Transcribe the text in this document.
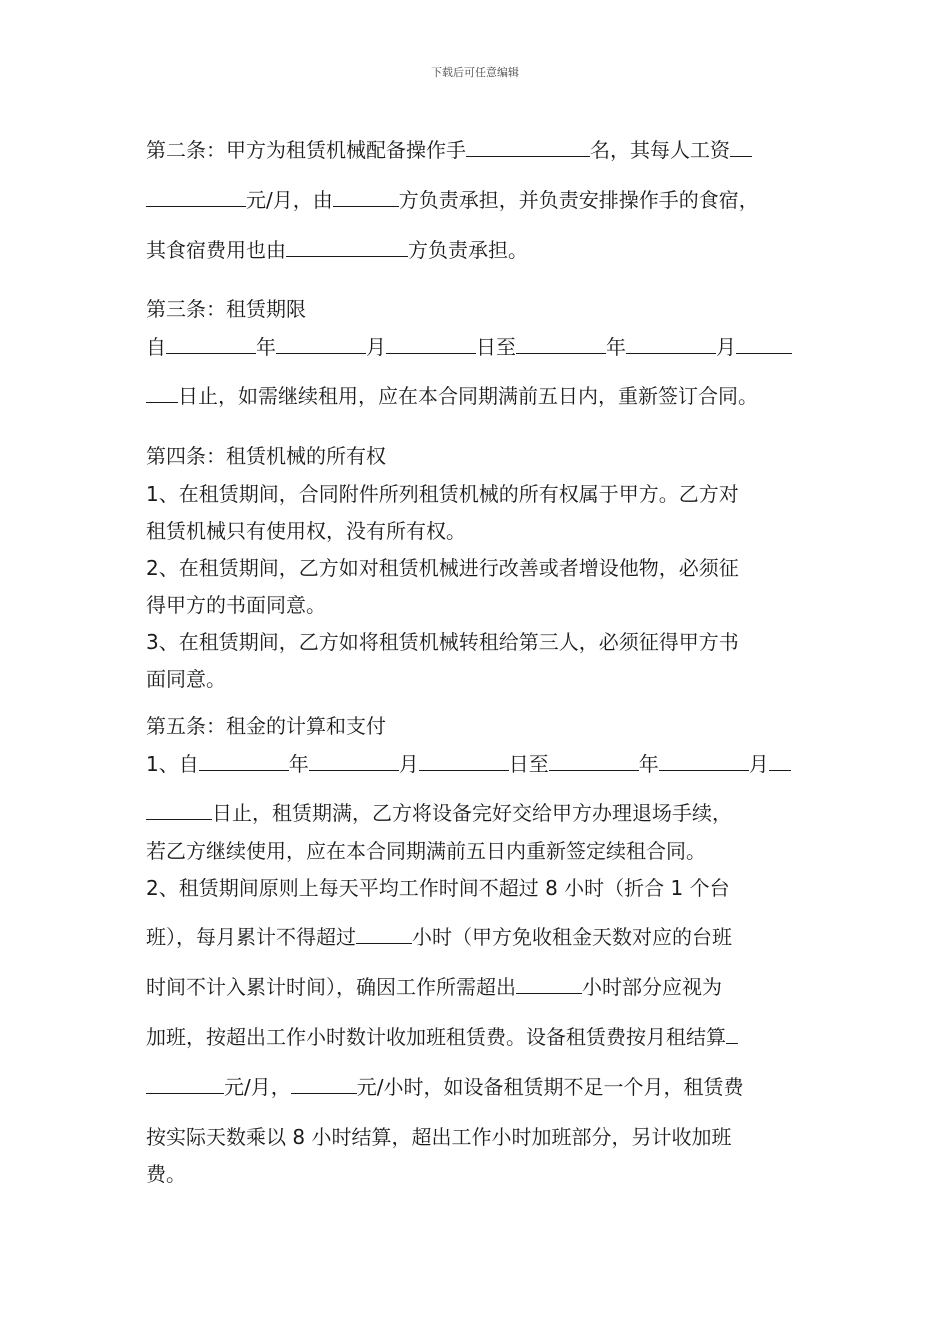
下载后可任意编辑
第二条：甲方为租赁机械配备操作手	名，其每人工资
元/月，由	方负责承担，并负责安排操作手的食宿，
其食宿费用也由	方负责承担。
第三条：租赁期限
自	年	月	日至	年	月
日止，如需继续租用，应在本合同期满前五日内，重新签订合同。
第四条：租赁机械的所有权
1、在租赁期间，合同附件所列租赁机械的所有权属于甲方。乙方对
租赁机械只有使用权，没有所有权。
2、在租赁期间，乙方如对租赁机械进行改善或者增设他物，必须征
得甲方的书面同意。
3、在租赁期间，乙方如将租赁机械转租给第三人，必须征得甲方书
面同意。
第五条：租金的计算和支付
1、自	年	月	日至	年	月
日止，租赁期满，乙方将设备完好交给甲方办理退场手续，
若乙方继续使用，应在本合同期满前五日内重新签定续租合同。
2、租赁期间原则上每天平均工作时间不超过 8 小时（折合 1 个台
班），每月累计不得超过	小时（甲方免收租金天数对应的台班
时间不计入累计时间），确因工作所需超出	小时部分应视为
加班，按超出工作小时数计收加班租赁费。设备租赁费按月租结算
元/月，	元/小时，如设备租赁期不足一个月，租赁费
按实际天数乘以 8 小时结算，超出工作小时加班部分，另计收加班
费。
